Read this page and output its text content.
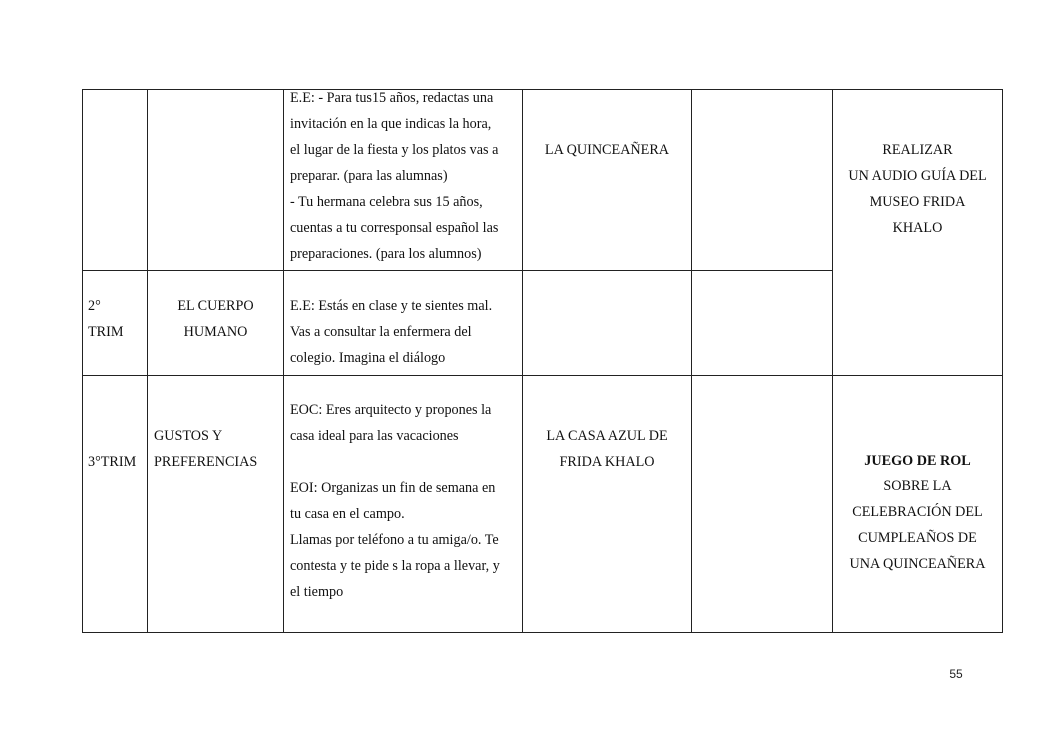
E.E: - Para tus15 años, redactas una
invitación en la que indicas la hora,
el lugar de la fiesta y los platos vas a
preparar. (para las alumnas)
- Tu hermana celebra sus 15 años,
cuentas a tu corresponsal español las
preparaciones. (para los alumnos)
LA QUINCEAÑERA
2°
TRIM
EL CUERPO
HUMANO
E.E: Estás en clase y te sientes mal.
Vas a consultar la enfermera del
colegio. Imagina el diálogo
3°TRIM
GUSTOS Y
PREFERENCIAS
EOC: Eres arquitecto y propones la
casa ideal para las vacaciones

EOI: Organizas un fin de semana en
tu casa en el campo.
Llamas por teléfono a tu amiga/o. Te
contesta y te pide s la ropa a llevar, y
el tiempo
LA CASA AZUL DE
FRIDA KHALO
REALIZAR
UN AUDIO GUÍA DEL
MUSEO FRIDA
KHALO
JUEGO DE ROL
SOBRE LA
CELEBRACIÓN DEL
CUMPLEAÑOS DE
UNA QUINCEAÑERA
55
